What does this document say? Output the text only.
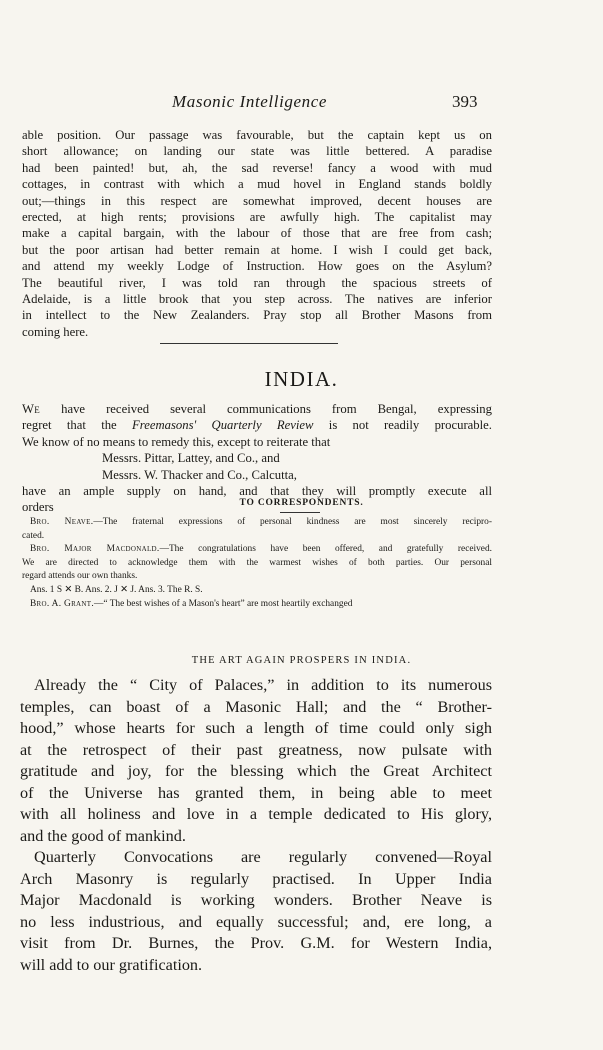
Masonic Intelligence	393
able position. Our passage was favourable, but the captain kept us on
short allowance; on landing our state was little bettered. A paradise
had been painted! but, ah, the sad reverse! fancy a wood with mud
cottages, in contrast with which a mud hovel in England stands boldly
out;—things in this respect are somewhat improved, decent houses are
erected, at high rents; provisions are awfully high. The capitalist may
make a capital bargain, with the labour of those that are free from cash;
but the poor artisan had better remain at home. I wish I could get back,
and attend my weekly Lodge of Instruction. How goes on the Asylum?
The beautiful river, I was told ran through the spacious streets of
Adelaide, is a little brook that you step across. The natives are inferior
in intellect to the New Zealanders. Pray stop all Brother Masons from
coming here.
INDIA.
We have received several communications from Bengal, expressing
regret that the Freemasons' Quarterly Review is not readily procurable.
We know of no means to remedy this, except to reiterate that
Messrs. Pittar, Lattey, and Co., and
Messrs. W. Thacker and Co., Calcutta,
have an ample supply on hand, and that they will promptly execute all
orders	TO CORRESPONDENTS.
Bro. Neave.—The fraternal expressions of personal kindness are most sincerely recipro-
cated.
Bro. Major Macdonald.—The congratulations have been offered, and gratefully received.
We are directed to acknowledge them with the warmest wishes of both parties. Our personal
regard attends our own thanks.
Ans. 1 S ✕ B. Ans. 2. J ✕ J. Ans. 3. The R. S.
Bro. A. Grant.—“ The best wishes of a Mason's heart” are most heartily exchanged
THE ART AGAIN PROSPERS IN INDIA.
Already the “ City of Palaces,” in addition to its numerous
temples, can boast of a Masonic Hall; and the “ Brother-
hood,” whose hearts for such a length of time could only sigh
at the retrospect of their past greatness, now pulsate with
gratitude and joy, for the blessing which the Great Architect
of the Universe has granted them, in being able to meet
with all holiness and love in a temple dedicated to His glory,
and the good of mankind.
Quarterly Convocations are regularly convened—Royal
Arch Masonry is regularly practised. In Upper India
Major Macdonald is working wonders. Brother Neave is
no less industrious, and equally successful; and, ere long, a
visit from Dr. Burnes, the Prov. G.M. for Western India,
will add to our gratification.
